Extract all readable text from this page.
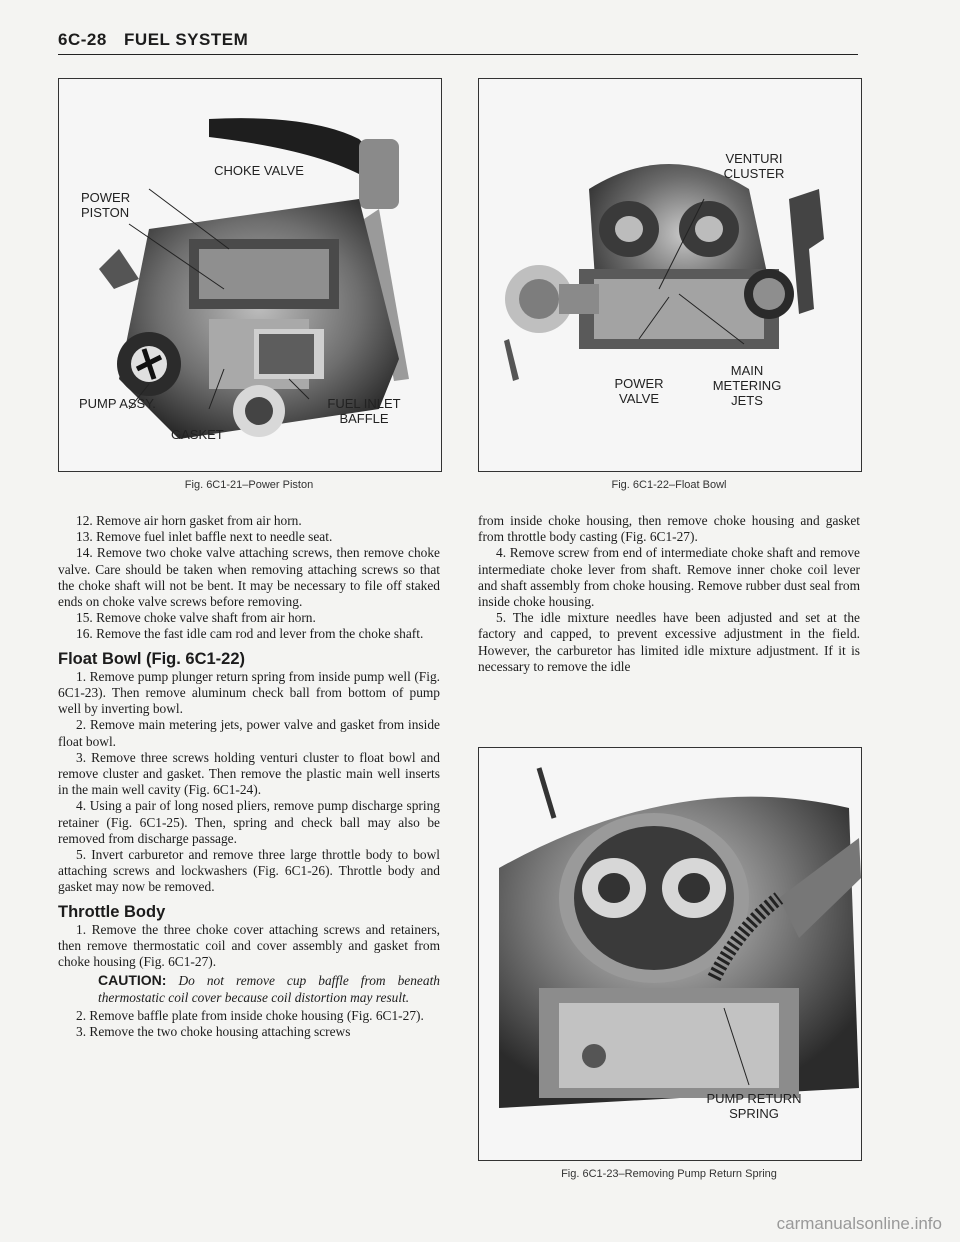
6C-28 FUEL SYSTEM
CHOKE VALVE
POWER
PISTON
PUMP ASSY.
GASKET
FUEL INLET
BAFFLE
Fig. 6C1-21–Power Piston
VENTURI
CLUSTER
POWER
VALVE
MAIN
METERING
JETS
Fig. 6C1-22–Float Bowl

12. Remove air horn gasket from air horn.

13. Remove fuel inlet baffle next to needle seat.

14. Remove two choke valve attaching screws, then remove choke valve. Care should be taken when removing attaching screws so that the choke shaft will not be bent. It may be necessary to file off staked ends on choke valve screws before removing.

15. Remove choke valve shaft from air horn.

16. Remove the fast idle cam rod and lever from the choke shaft.

Float Bowl (Fig. 6C1-22)

1. Remove pump plunger return spring from inside pump well (Fig. 6C1-23). Then remove aluminum check ball from bottom of pump well by inverting bowl.

2. Remove main metering jets, power valve and gasket from inside float bowl.

3. Remove three screws holding venturi cluster to float bowl and remove cluster and gasket. Then remove the plastic main well inserts in the main well cavity (Fig. 6C1-24).

4. Using a pair of long nosed pliers, remove pump discharge spring retainer (Fig. 6C1-25). Then, spring and check ball may also be removed from discharge passage.

5. Invert carburetor and remove three large throttle body to bowl attaching screws and lockwashers (Fig. 6C1-26). Throttle body and gasket may now be removed.

Throttle Body

1. Remove the three choke cover attaching screws and retainers, then remove thermostatic coil and cover assembly and gasket from choke housing (Fig. 6C1-27).

CAUTION: Do not remove cup baffle from beneath thermostatic coil cover because coil distortion may result.

2. Remove baffle plate from inside choke housing (Fig. 6C1-27).

3. Remove the two choke housing attaching screws

from inside choke housing, then remove choke housing and gasket from throttle body casting (Fig. 6C1-27).

4. Remove screw from end of intermediate choke shaft and remove intermediate choke lever from shaft. Remove inner choke coil lever and shaft assembly from choke housing. Remove rubber dust seal from inside choke housing.

5. The idle mixture needles have been adjusted and set at the factory and capped, to prevent excessive adjustment in the field. However, the carburetor has limited idle mixture adjustment. If it is necessary to remove the idle

PUMP RETURN
SPRING
Fig. 6C1-23–Removing Pump Return Spring
carmanualsonline.info
